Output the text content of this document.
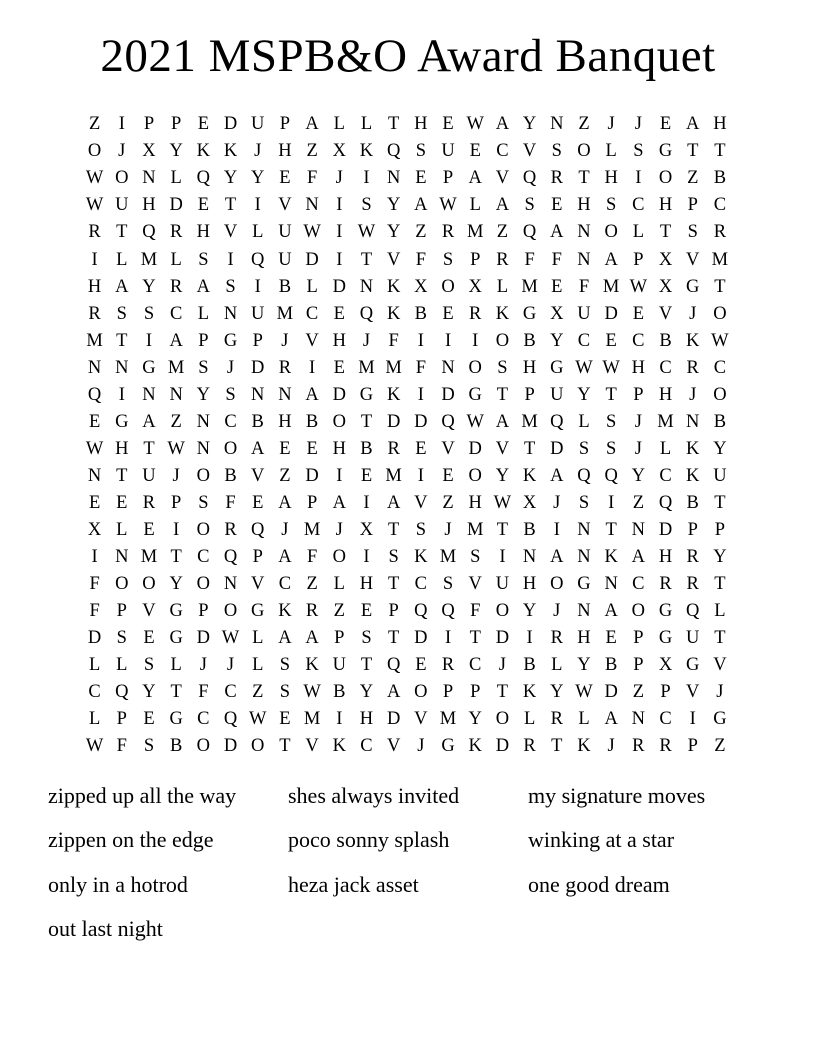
2021 MSPB&O Award Banquet
Z I	P P E D U P A L L T H E W A Y N Z J	J E A H
O J X Y K K J H Z X K Q S U E C V S O L S G T T
W O N L Q Y Y E F J	I N E P A V Q R T H I O Z B
W U H D E T I V N I	S Y A W L A S E H S C H P C
R T Q R H V L U W I W Y Z R M Z Q A N O L T S R
I L M L S	I Q U D I T V F S P R F F N A P X V M
H A Y R A S	I B L D N K X O X L M E F M W X G T
R S S C L N U M C E Q K B E R K G X U D E V J O
M T I A P G P J V H J F	I	I	I O B Y C E C B K W
N N G M S J D R I E M M F N O S H G W W H C R C
Q I N N Y S N N A D G K I D G T P U Y T P H J O
E G A Z N C B H B O T D D Q W A M Q L S J M N B
W H T W N O A E E H B R E V D V T D S S J L K Y
N T U J O B V Z D I E M I E O Y K A Q Q Y C K U
E E R P S F E A P A I A V Z H W X J S	I Z Q B T
X L E I O R Q J M J X T S J M T B I N T N D P P
I N M T C Q P A F O I	S K M S	I N A N K A H R Y
F O O Y O N V C Z L H T C S V U H O G N C R R T
F P V G P O G K R Z E P Q Q F O Y J N A O G Q L
D S E G D W L A A P S T D I T D I R H E P G U T
L L S L J	J L S K U T Q E R C J B L Y B P X G V
C Q Y T F C Z S W B Y A O P P T K Y W D Z P V J
L P E G C Q W E M I H D V M Y O L R L A N C I G
W F S B O D O T V K C V J G K D R T K J R R P Z
zipped up all the way
zippen on the edge
only in a hotrod
out last night
shes always invited
poco sonny splash
heza jack asset
my signature moves
winking at a star
one good dream
